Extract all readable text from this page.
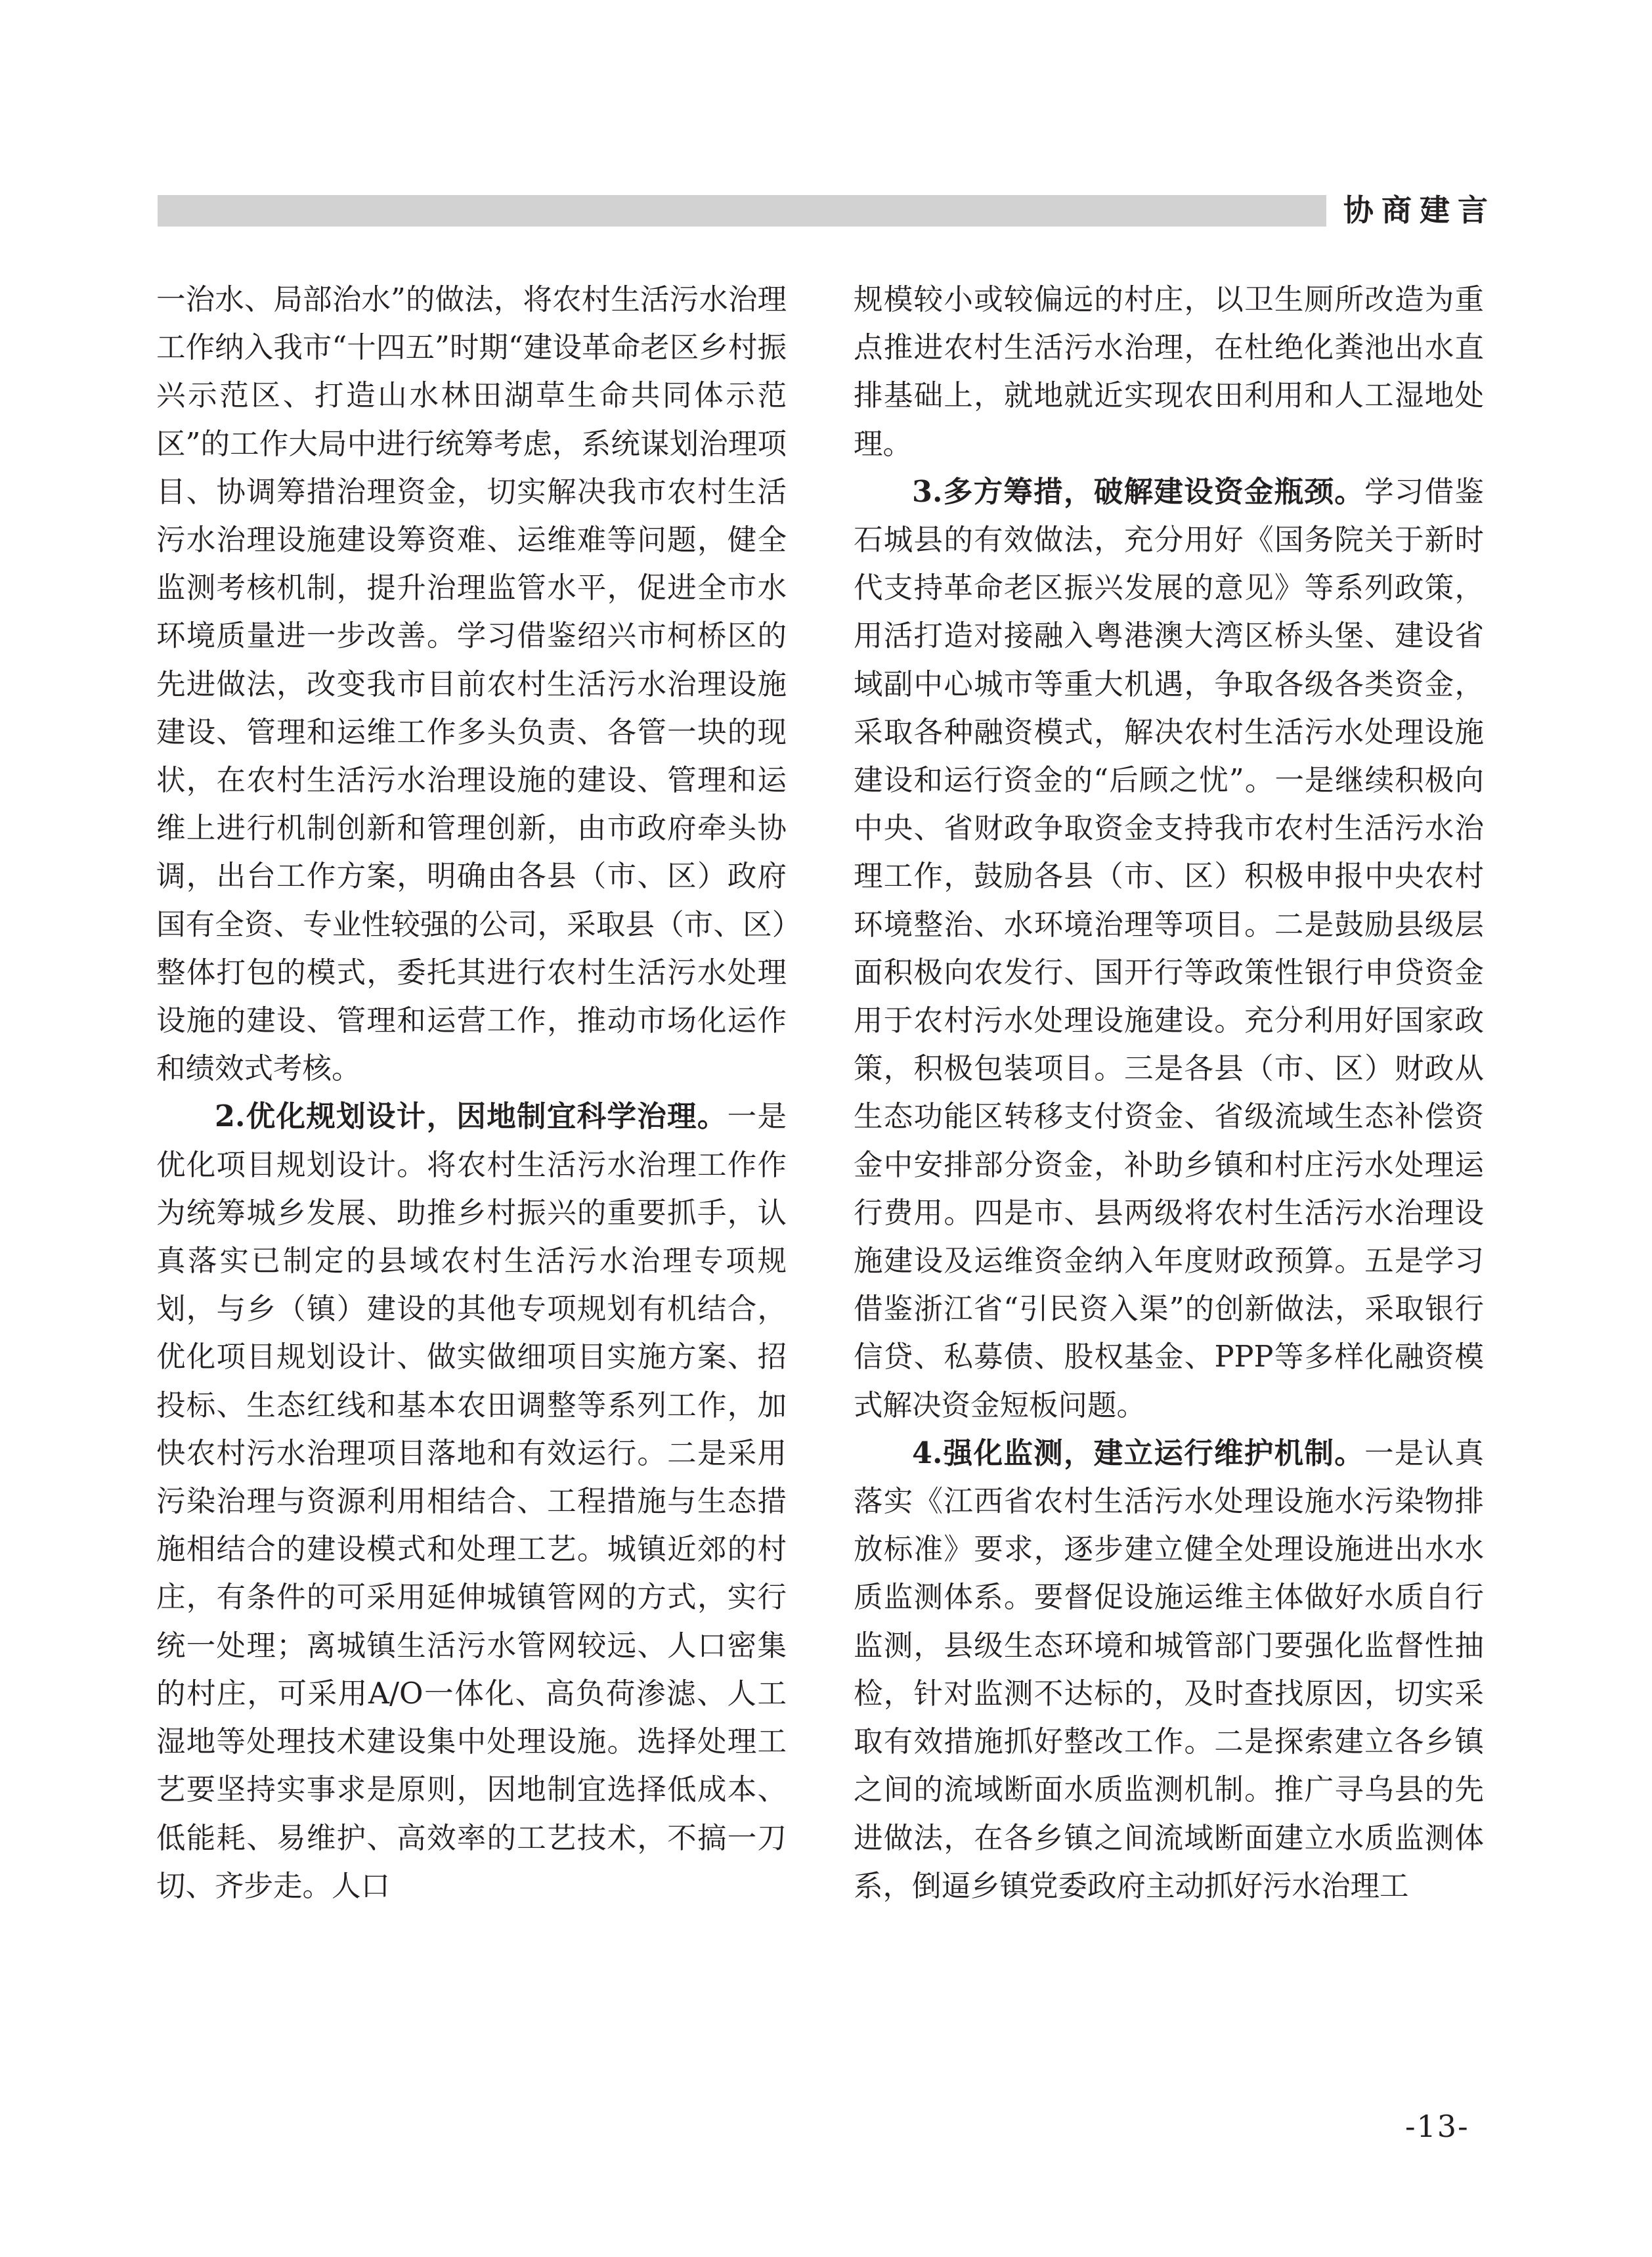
协商建言

一治水、局部治水”的做法，将农村生活污水治理工作纳入我市“十四五”时期“建设革命老区乡村振兴示范区、打造山水林田湖草生命共同体示范区”的工作大局中进行统筹考虑，系统谋划治理项目、协调筹措治理资金，切实解决我市农村生活污水治理设施建设筹资难、运维难等问题，健全监测考核机制，提升治理监管水平，促进全市水环境质量进一步改善。学习借鉴绍兴市柯桥区的先进做法，改变我市目前农村生活污水治理设施建设、管理和运维工作多头负责、各管一块的现状，在农村生活污水治理设施的建设、管理和运维上进行机制创新和管理创新，由市政府牵头协调，出台工作方案，明确由各县（市、区）政府国有全资、专业性较强的公司，采取县（市、区）整体打包的模式，委托其进行农村生活污水处理设施的建设、管理和运营工作，推动市场化运作和绩效式考核。

2.优化规划设计，因地制宜科学治理。一是优化项目规划设计。将农村生活污水治理工作作为统筹城乡发展、助推乡村振兴的重要抓手，认真落实已制定的县域农村生活污水治理专项规划，与乡（镇）建设的其他专项规划有机结合，优化项目规划设计、做实做细项目实施方案、招投标、生态红线和基本农田调整等系列工作，加快农村污水治理项目落地和有效运行。二是采用污染治理与资源利用相结合、工程措施与生态措施相结合的建设模式和处理工艺。城镇近郊的村庄，有条件的可采用延伸城镇管网的方式，实行统一处理；离城镇生活污水管网较远、人口密集的村庄，可采用A/O一体化、高负荷渗滤、人工湿地等处理技术建设集中处理设施。选择处理工艺要坚持实事求是原则，因地制宜选择低成本、低能耗、易维护、高效率的工艺技术，不搞一刀切、齐步走。人口

规模较小或较偏远的村庄，以卫生厕所改造为重点推进农村生活污水治理，在杜绝化粪池出水直排基础上，就地就近实现农田利用和人工湿地处理。

3.多方筹措，破解建设资金瓶颈。学习借鉴石城县的有效做法，充分用好《国务院关于新时代支持革命老区振兴发展的意见》等系列政策，用活打造对接融入粤港澳大湾区桥头堡、建设省域副中心城市等重大机遇，争取各级各类资金，采取各种融资模式，解决农村生活污水处理设施建设和运行资金的“后顾之忧”。一是继续积极向中央、省财政争取资金支持我市农村生活污水治理工作，鼓励各县（市、区）积极申报中央农村环境整治、水环境治理等项目。二是鼓励县级层面积极向农发行、国开行等政策性银行申贷资金用于农村污水处理设施建设。充分利用好国家政策，积极包装项目。三是各县（市、区）财政从生态功能区转移支付资金、省级流域生态补偿资金中安排部分资金，补助乡镇和村庄污水处理运行费用。四是市、县两级将农村生活污水治理设施建设及运维资金纳入年度财政预算。五是学习借鉴浙江省“引民资入渠”的创新做法，采取银行信贷、私募债、股权基金、PPP等多样化融资模式解决资金短板问题。

4.强化监测，建立运行维护机制。一是认真落实《江西省农村生活污水处理设施水污染物排放标准》要求，逐步建立健全处理设施进出水水质监测体系。要督促设施运维主体做好水质自行监测，县级生态环境和城管部门要强化监督性抽检，针对监测不达标的，及时查找原因，切实采取有效措施抓好整改工作。二是探索建立各乡镇之间的流域断面水质监测机制。推广寻乌县的先进做法，在各乡镇之间流域断面建立水质监测体系，倒逼乡镇党委政府主动抓好污水治理工

-13-
